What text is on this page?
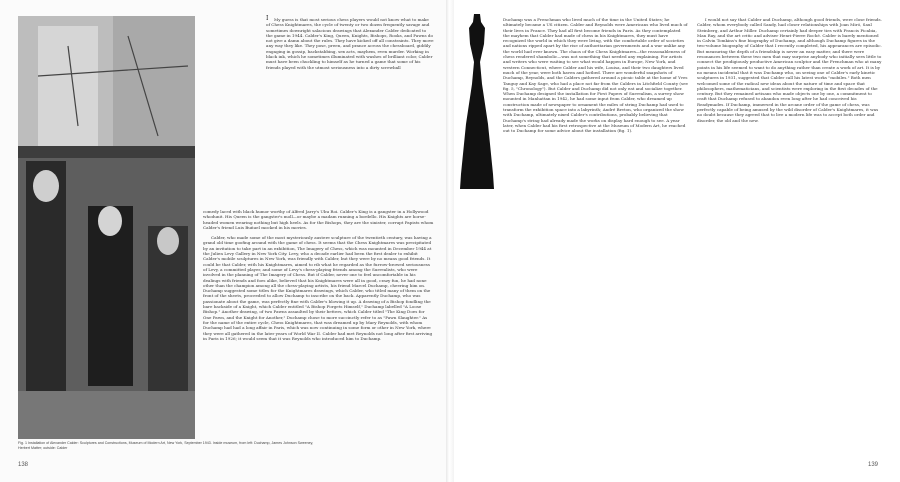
Fig. 1 Installation of Alexander Calder: Sculptures and Constructions, Museum of Modern Art, New York, September 1943. Inside museum, from left: Duchamp, James Johnson Sweeney, Herbert Matter; outside: Calder
I	My guess is that most serious chess players would not know what to make of Chess Knightmares, the cycle of twenty or two dozen frequently savage and sometimes downright salacious drawings that Alexander Calder dedicated to the game in 1944. Calder's King, Queen, Knights, Bishops, Rooks, and Pawns do not give a damn about the rules. They have kicked off all constraints. They move any way they like. They pose, preen, and prance across the chessboard, giddily engaging in gossip, backstabbing, sex acts, mayhem, even murder. Working in black ink, which he sometimes illuminated with washes of brilliant color, Calder must have been chuckling to himself as he turned a game that some of his friends played with the utmost seriousness into a dirty screwball

comedy laced with black humor worthy of Alfred Jarry's Ubu Roi. Calder's King is a gangster in a Hollywood whodunit. His Queen is the gangster's moll—or maybe a madam running a bordello. His Knights are horse-headed women wearing nothing but high heels. As for the Bishops, they are the sinister, corrupt Papists whom Calder's friend Luis Buñuel mocked in his movies.

Calder, who made some of the most mysteriously austere sculpture of the twentieth century, was having a grand old time goofing around with the game of chess. It seems that the Chess Knightmares was precipitated by an invitation to take part in an exhibition, The Imagery of Chess, which was mounted in December 1944 at the Julien Levy Gallery in New York City. Levy, who a decade earlier had been the first dealer to exhibit Calder's mobile sculptures in New York, was friendly with Calder, but they were by no means good friends. It could be that Calder, with his Knightmares, aimed to rib what he regarded as the furrow-browed seriousness of Levy, a committed player, and some of Levy's chess-playing friends among the Surrealists, who were involved in the planning of The Imagery of Chess. But if Calder, never one to feel uncomfortable in his dealings with friends and foes alike, believed that his Knightmares were all in good, crazy fun, he had none other than the champion among all the chess-playing artists, his friend Marcel Duchamp, cheering him on. Duchamp suggested some titles for the Knightmares drawings, which Calder, who titled many of them on the front of the sheets, proceeded to allow Duchamp to inscribe on the back. Apparently Duchamp, who was passionate about the game, was perfectly fine with Calder's blowing it up. A drawing of a Bishop fondling the bare backside of a Knight, which Calder entitled "A Bishop Forgets Himself," Duchamp labelled "A Loose Bishop." Another drawing, of two Pawns assaulted by their betters, which Calder titled "The King Does for One Pawn, and the Knight for Another," Duchamp chose to more succinctly refer to as "Pawn Slaughter." As for the name of the entire cycle, Chess Knightmares, that was dreamed up by Mary Reynolds, with whom Duchamp had had a long affair in Paris, which was now continuing in some form or other in New York, where they were all gathered in the later years of World War II. Calder had met Reynolds not long after first arriving in Paris in 1926; it would seem that it was Reynolds who introduced him to Duchamp.

Duchamp was a Frenchman who lived much of the time in the United States; he ultimately became a US citizen. Calder and Reynolds were Americans who lived much of their lives in France. They had all first become friends in Paris. As they contemplated the mayhem that Calder had made of chess in his Knightmares, they must have recognized the world in which they were living, with the comfortable order of societies and nations ripped apart by the rise of authoritarian governments and a war unlike any the world had ever known. The chaos of the Chess Knightmares—the reasonableness of chess rendered shambolic—was not something that needed any explaining. For artists and writers who were waiting to see what would happen in Europe, New York, and western Connecticut, where Calder and his wife, Louisa, and their two daughters lived much of the year, were both haven and hotbed. There are wonderful snapshots of Duchamp, Reynolds, and the Calders gathered around a picnic table at the home of Yves Tanguy and Kay Sage, who had a place not far from the Calders in Litchfield County (see fig. 5, "Chronology"). But Calder and Duchamp did not only eat and socialize together. When Duchamp designed the installation for First Papers of Surrealism, a survey show mounted in Manhattan in 1942, he had some input from Calder, who dreamed up construction made of newspaper to ornament the miles of string Duchamp had used to transform the exhibition space into a labyrinth; André Breton, who organized the show with Duchamp, ultimately nixed Calder's contributions, probably believing that Duchamp's string had already made the works on display hard enough to see. A year later, when Calder had his first retrospective at the Museum of Modern Art, he reached out to Duchamp for some advice about the installation (fig. 1).

I would not say that Calder and Duchamp, although good friends, were close friends. Calder, whom everybody called Sandy, had closer relationships with Joan Miró, Saul Steinberg, and Arthur Miller. Duchamp certainly had deeper ties with Francis Picabia, Man Ray, and the art critic and adviser Henri-Pierre Roché. Calder is barely mentioned in Calvin Tomkins's fine biography of Duchamp, and although Duchamp figures in the two-volume biography of Calder that I recently completed, his appearances are episodic. But measuring the depth of a friendship is never an easy matter, and there were resonances between these two men that may surprise anybody who initially sees little to connect the prodigiously productive American sculptor and the Frenchman who at many points in his life seemed to want to do anything rather than create a work of art. It is by no means incidental that it was Duchamp who, on seeing one of Calder's early kinetic sculptures in 1931, suggested that Calder call his latest works "mobiles." Both men welcomed some of the radical new ideas about the nature of time and space that philosophers, mathematicians, and scientists were exploring in the first decades of the century. But they remained artisans who made objects one by one, a commitment to craft that Duchamp refused to abandon even long after he had conceived his Readymades. If Duchamp, immersed in the arcane order of the game of chess, was perfectly capable of being amused by the wild disorder of Calder's Knightmares, it was no doubt because they agreed that to live a modern life was to accept both order and disorder, the old and the new.

138	139
